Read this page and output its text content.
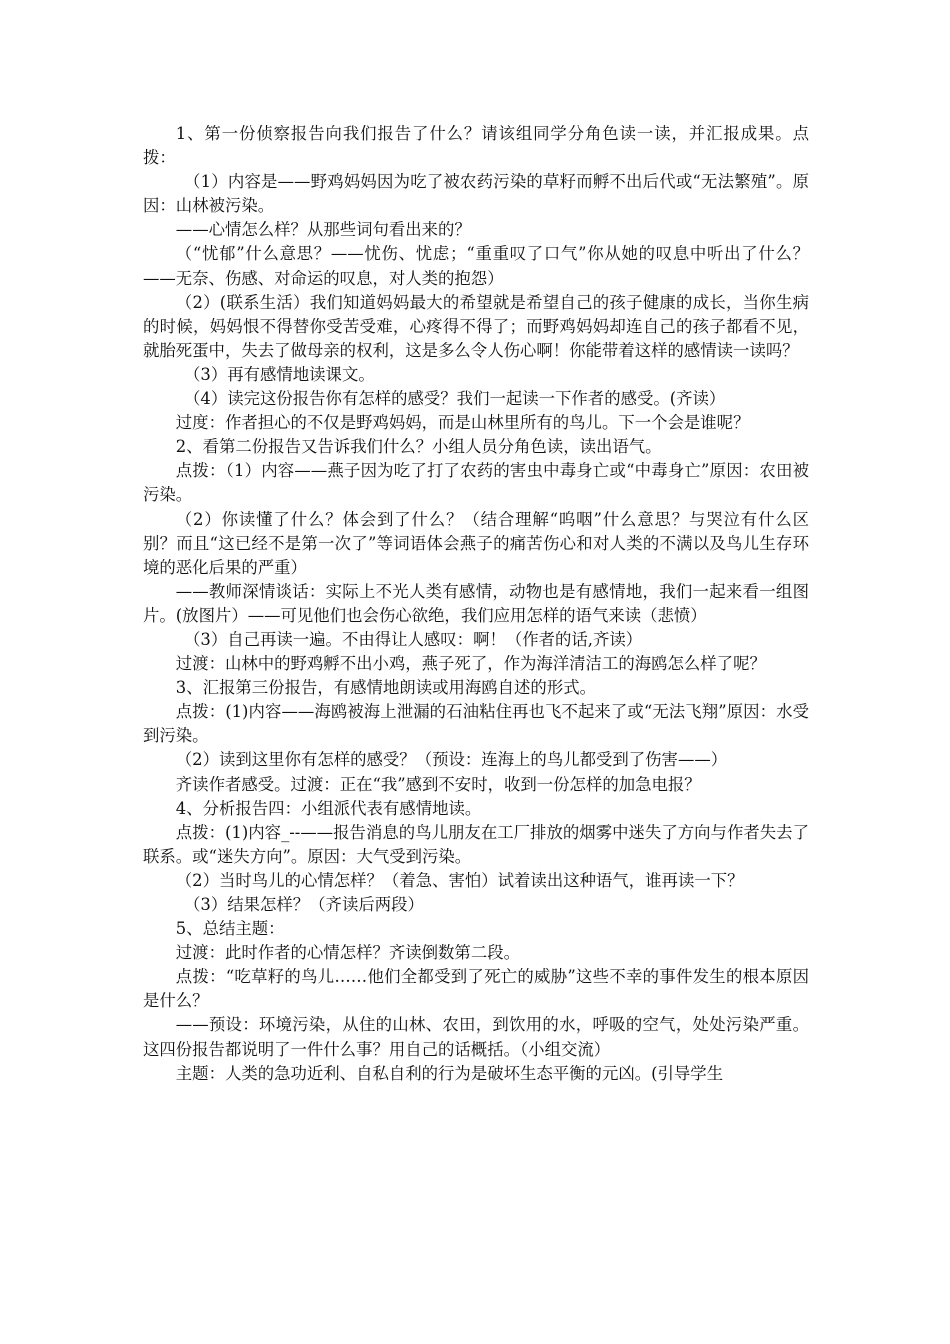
1、第一份侦察报告向我们报告了什么？请该组同学分角色读一读，并汇报成果。点拨：

（1）内容是——野鸡妈妈因为吃了被农药污染的草籽而孵不出后代或“无法繁殖”。原因：山林被污染。

——心情怎么样？从那些词句看出来的？

（“忧郁”什么意思？——忧伤、忧虑；“重重叹了口气”你从她的叹息中听出了什么？——无奈、伤感、对命运的叹息，对人类的抱怨）

（2）(联系生活）我们知道妈妈最大的希望就是希望自己的孩子健康的成长，当你生病的时候，妈妈恨不得替你受苦受难，心疼得不得了；而野鸡妈妈却连自己的孩子都看不见，就胎死蛋中，失去了做母亲的权利，这是多么令人伤心啊！你能带着这样的感情读一读吗？

（3）再有感情地读课文。

（4）读完这份报告你有怎样的感受？我们一起读一下作者的感受。(齐读）

过度：作者担心的不仅是野鸡妈妈，而是山林里所有的鸟儿。下一个会是谁呢？

2、看第二份报告又告诉我们什么？小组人员分角色读，读出语气。

点拨：（1）内容——燕子因为吃了打了农药的害虫中毒身亡或“中毒身亡”原因：农田被污染。

（2）你读懂了什么？体会到了什么？（结合理解“呜咽”什么意思？与哭泣有什么区别？而且“这已经不是第一次了”等词语体会燕子的痛苦伤心和对人类的不满以及鸟儿生存环境的恶化后果的严重）

——教师深情谈话：实际上不光人类有感情，动物也是有感情地，我们一起来看一组图片。(放图片）——可见他们也会伤心欲绝，我们应用怎样的语气来读（悲愤）

（3）自己再读一遍。不由得让人感叹：啊！（作者的话,齐读）

过渡：山林中的野鸡孵不出小鸡，燕子死了，作为海洋清洁工的海鸥怎么样了呢？

3、汇报第三份报告，有感情地朗读或用海鸥自述的形式。

点拨：(1)内容——海鸥被海上泄漏的石油粘住再也飞不起来了或“无法飞翔”原因：水受到污染。

（2）读到这里你有怎样的感受？（预设：连海上的鸟儿都受到了伤害——）

齐读作者感受。过渡：正在“我”感到不安时，收到一份怎样的加急电报？

4、分析报告四：小组派代表有感情地读。

点拨：(1)内容_--——报告消息的鸟儿朋友在工厂排放的烟雾中迷失了方向与作者失去了联系。或“迷失方向”。原因：大气受到污染。

（2）当时鸟儿的心情怎样？（着急、害怕）试着读出这种语气，谁再读一下？

（3）结果怎样？（齐读后两段）

5、总结主题：

过渡：此时作者的心情怎样？齐读倒数第二段。

点拨：“吃草籽的鸟儿……他们全都受到了死亡的威胁”这些不幸的事件发生的根本原因是什么？

——预设：环境污染，从住的山林、农田，到饮用的水，呼吸的空气，处处污染严重。这四份报告都说明了一件什么事？用自己的话概括。（小组交流）

主题：人类的急功近利、自私自利的行为是破坏生态平衡的元凶。(引导学生
